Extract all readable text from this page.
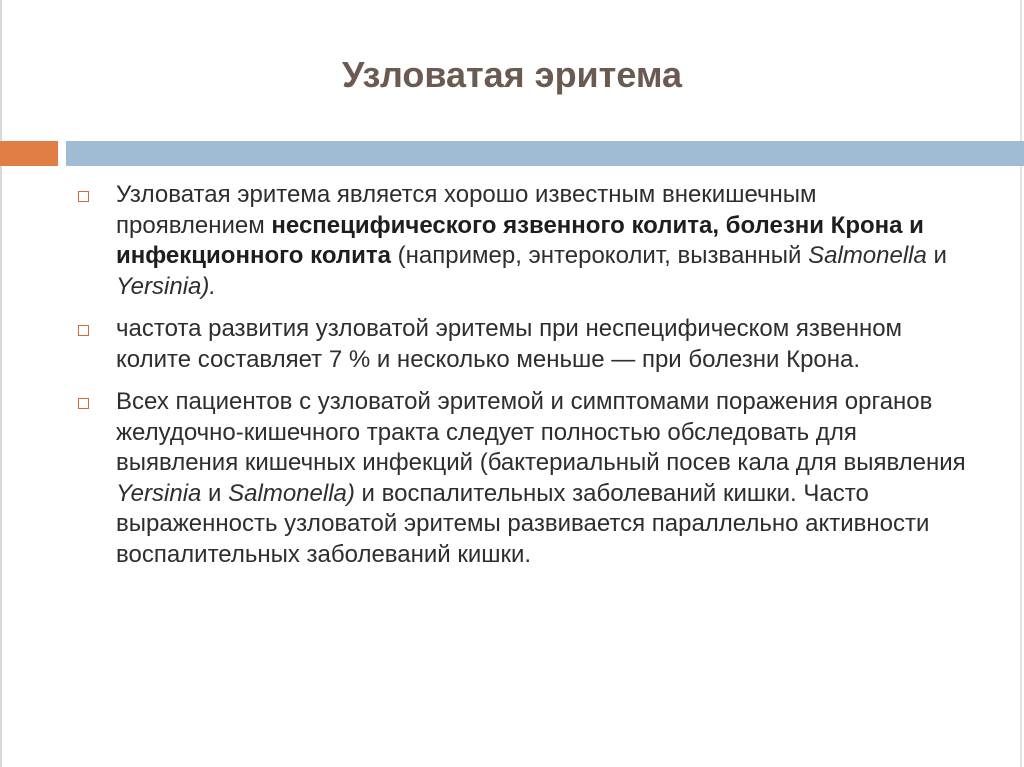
Узловатая эритема
Узловатая эритема является хорошо известным внекишечным проявлением неспецифического язвенного колита, болезни Крона и инфекционного колита (например, энтероколит, вызванный Salmonella и Yersinia).
частота развития узловатой эритемы при неспецифическом язвенном колите составляет 7 % и несколько меньше — при болезни Крона.
Всех пациентов с узловатой эритемой и симптомами поражения органов желудочно-кишечного тракта следует полностью обследовать для выявления кишечных инфекций (бактериальный посев кала для выявления Yersinia и Salmonella) и воспалительных заболеваний кишки. Часто выраженность узловатой эритемы развивается параллельно активности воспалительных заболеваний кишки.
